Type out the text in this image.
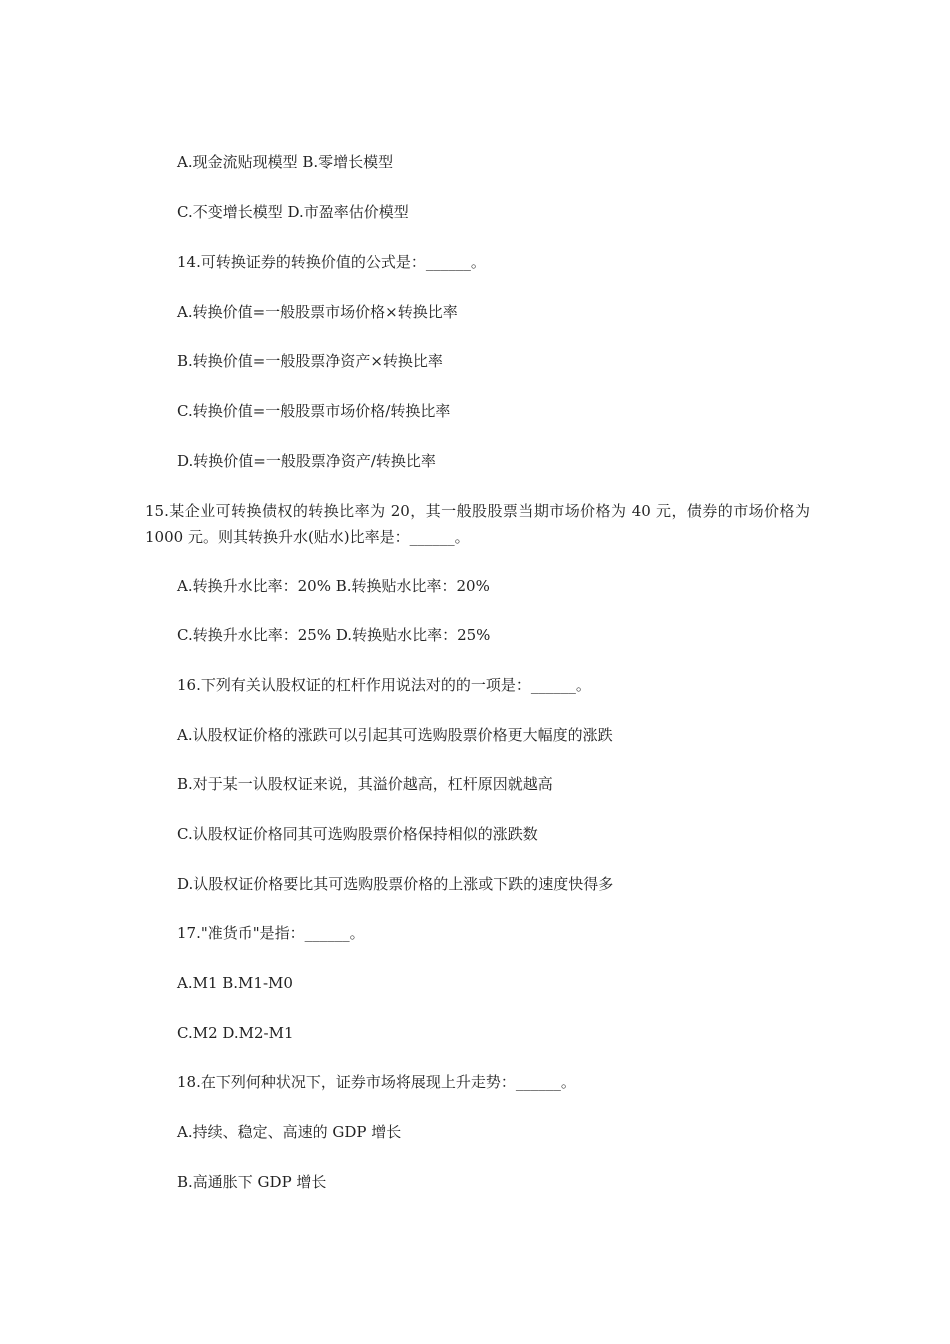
A.现金流贴现模型 B.零增长模型
C.不变增长模型 D.市盈率估价模型
14.可转换证券的转换价值的公式是：______。
A.转换价值=一般股票市场价格×转换比率
B.转换价值=一般股票净资产×转换比率
C.转换价值=一般股票市场价格/转换比率
D.转换价值=一般股票净资产/转换比率
15.某企业可转换债权的转换比率为 20，其一般股股票当期市场价格为 40 元，债券的市场价格为 1000 元。则其转换升水(贴水)比率是：______。
A.转换升水比率：20% B.转换贴水比率：20%
C.转换升水比率：25% D.转换贴水比率：25%
16.下列有关认股权证的杠杆作用说法对的的一项是：______。
A.认股权证价格的涨跌可以引起其可选购股票价格更大幅度的涨跌
B.对于某一认股权证来说，其溢价越高，杠杆原因就越高
C.认股权证价格同其可选购股票价格保持相似的涨跌数
D.认股权证价格要比其可选购股票价格的上涨或下跌的速度快得多
17."准货币"是指：______。
A.M1 B.M1-M0
C.M2 D.M2-M1
18.在下列何种状况下，证券市场将展现上升走势：______。
A.持续、稳定、高速的 GDP 增长
B.高通胀下 GDP 增长
